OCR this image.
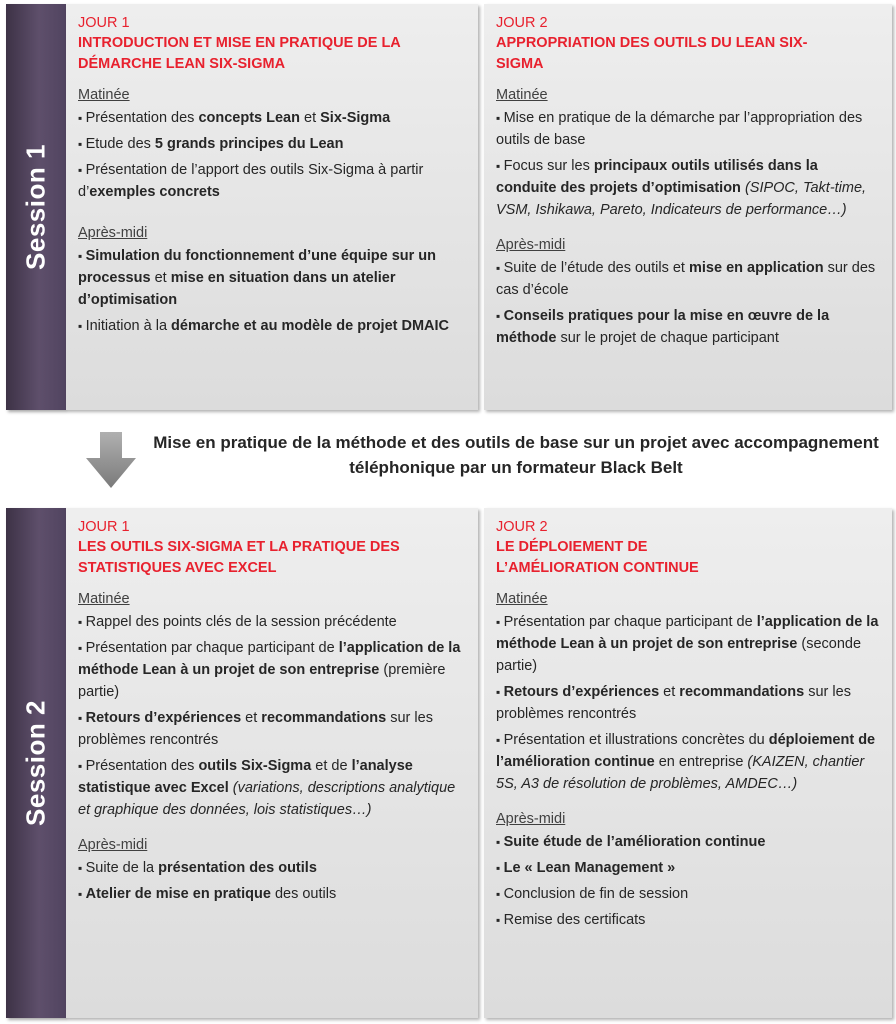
Session 1
JOUR 1
INTRODUCTION ET MISE EN PRATIQUE DE LA DÉMARCHE LEAN SIX-SIGMA
Matinée
▪ Présentation des concepts Lean et Six-Sigma
▪ Etude des 5 grands principes du Lean
▪ Présentation de l’apport des outils Six-Sigma à partir d’exemples concrets
Après-midi
▪ Simulation du fonctionnement d’une équipe sur un processus et mise en situation dans un atelier d’optimisation
▪ Initiation à la démarche et au modèle de projet DMAIC
JOUR 2
APPROPRIATION DES OUTILS DU LEAN SIX-SIGMA
Matinée
▪ Mise en pratique de la démarche par l’appropriation des outils de base
▪ Focus sur les principaux outils utilisés dans la conduite des projets d’optimisation (SIPOC, Takt-time, VSM, Ishikawa, Pareto, Indicateurs de performance…)
Après-midi
▪ Suite de l’étude des outils et mise en application sur des cas d’école
▪ Conseils pratiques pour la mise en œuvre de la méthode sur le projet de chaque participant
Mise en pratique de la méthode et des outils de base sur un projet avec accompagnement téléphonique par un formateur Black Belt
Session 2
JOUR 1
LES OUTILS SIX-SIGMA ET LA PRATIQUE DES STATISTIQUES AVEC EXCEL
Matinée
▪ Rappel des points clés de la session précédente
▪ Présentation par chaque participant de l’application de la méthode Lean à un projet de son entreprise (première partie)
▪ Retours d’expériences et recommandations sur les problèmes rencontrés
▪ Présentation des outils Six-Sigma et de l’analyse statistique avec Excel (variations, descriptions analytique et graphique des données, lois statistiques…)
Après-midi
▪ Suite de la présentation des outils
▪ Atelier de mise en pratique des outils
JOUR 2
LE DÉPLOIEMENT DE L’AMÉLIORATION CONTINUE
Matinée
▪ Présentation par chaque participant de l’application de la méthode Lean à un projet de son entreprise (seconde partie)
▪ Retours d’expériences et recommandations sur les problèmes rencontrés
▪ Présentation et illustrations concrètes du déploiement de l’amélioration continue en entreprise (KAIZEN, chantier 5S, A3 de résolution de problèmes, AMDEC…)
Après-midi
▪ Suite étude de l’amélioration continue
▪ Le « Lean Management »
▪ Conclusion de fin de session
▪ Remise des certificats
